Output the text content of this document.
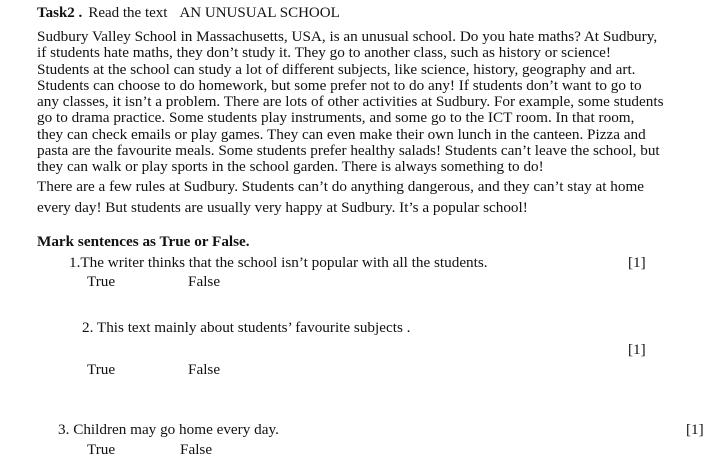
Task2 . Read the text AN UNUSUAL SCHOOL
Sudbury Valley School in Massachusetts, USA, is an unusual school. Do you hate maths? At Sudbury,
if students hate maths, they don’t study it. They go to another class, such as history or science!
Students at the school can study a lot of different subjects, like science, history, geography and art.
Students can choose to do homework, but some prefer not to do any! If students don’t want to go to
any classes, it isn’t a problem. There are lots of other activities at Sudbury. For example, some students
go to drama practice. Some students play instruments, and some go to the ICT room. In that room,
they can check emails or play games. They can even make their own lunch in the canteen. Pizza and
pasta are the favourite meals. Some students prefer healthy salads! Students can’t leave the school, but
they can walk or play sports in the school garden. There is always something to do!
There are a few rules at Sudbury. Students can’t do anything dangerous, and they can’t stay at home
every day! But students are usually very happy at Sudbury. It’s a popular school!
Mark sentences as True or False.
1.The writer thinks that the school isn’t popular with all the students.	[1]
True	False
2. This text mainly about students’ favourite subjects .
[1]
True	False
3. Children may go home every day.	[1]
True	False
